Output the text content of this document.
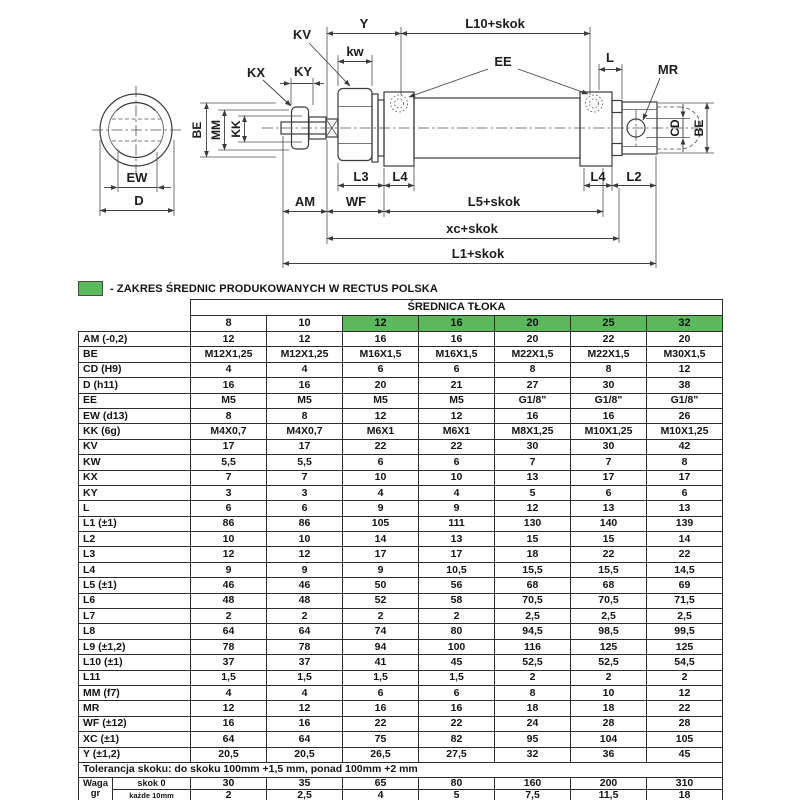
EW
D
BE MM KK
KV
Y	L10+skok
kw
EE	L
MR
KX KY
CD BE
L3 L4	L4 L2
AM WF	L5+skok
xc+skok
L1+skok
- ZAKRES ŚREDNIC PRODUKOWANYCH W RECTUS POLSKA
		ŚREDNICA TŁOKA						
		8	10	12	16	20	25	32
AM (-0,2)		12	12	16	16	20	22	20
BE		M12X1,25	M12X1,25	M16X1,5	M16X1,5	M22X1,5	M22X1,5	M30X1,5
CD (H9)		4	4	6	6	8	8	12
D (h11)		16	16	20	21	27	30	38
EE		M5	M5	M5	M5	G1/8"	G1/8"	G1/8"
EW (d13)		8	8	12	12	16	16	26
KK (6g)		M4X0,7	M4X0,7	M6X1	M6X1	M8X1,25	M10X1,25	M10X1,25
KV		17	17	22	22	30	30	42
KW		5,5	5,5	6	6	7	7	8
KX		7	7	10	10	13	17	17
KY		3	3	4	4	5	6	6
L		6	6	9	9	12	13	13
L1 (±1)		86	86	105	111	130	140	139
L2		10	10	14	13	15	15	14
L3		12	12	17	17	18	22	22
L4		9	9	9	10,5	15,5	15,5	14,5
L5 (±1)		46	46	50	56	68	68	69
L6		48	48	52	58	70,5	70,5	71,5
L7		2	2	2	2	2,5	2,5	2,5
L8		64	64	74	80	94,5	98,5	99,5
L9 (±1,2)		78	78	94	100	116	125	125
L10 (±1)		37	37	41	45	52,5	52,5	54,5
L11		1,5	1,5	1,5	1,5	2	2	2
MM (f7)		4	4	6	6	8	10	12
MR		12	12	16	16	18	18	22
WF (±12)		16	16	22	22	24	28	28
XC (±1)		64	64	75	82	95	104	105
Y (±1,2)		20,5	20,5	26,5	27,5	32	36	45
Tolerancja skoku: do skoku 100mm +1,5 mm, ponad 100mm +2 mm								

Waga
gr	skok 0	30	35	65	80	160	200	310
	każde 10mm	2	2,5	4	5	7,5	11,5	18
